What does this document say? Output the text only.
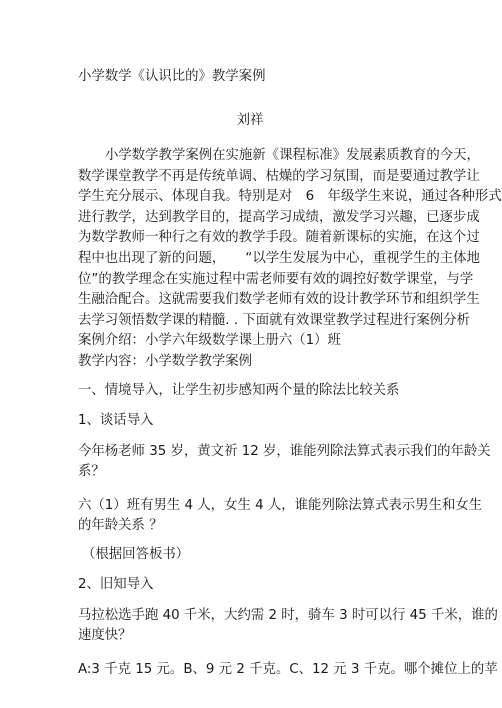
小学数学《认识比的》教学案例
刘祥
小学数学教学案例在实施新《课程标准》发展素质教育的今天，
数学课堂教学不再是传统单调、枯燥的学习氛围，而是要通过教学让
学生充分展示、体现自我。特别是对　6　年级学生来说，通过各种形式
进行教学，达到教学目的，提高学习成绩，激发学习兴趣，已逐步成
为数学教师一种行之有效的教学手段。随着新课标的实施，在这个过
程中也出现了新的问题，　　“以学生发展为中心，重视学生的主体地
位”的教学理念在实施过程中需老师要有效的调控好数学课堂，与学
生融洽配合。这就需要我们数学老师有效的设计教学环节和组织学生
去学习领悟数学课的精髓. . 下面就有效课堂教学过程进行案例分析
案例介绍：小学六年级数学课上册六（1）班
教学内容：小学数学教学案例
一、情境导入，让学生初步感知两个量的除法比较关系
1、谈话导入
今年杨老师 35 岁，黄文祈 12 岁，谁能列除法算式表示我们的年龄关
系？
六（1）班有男生 4 人，女生 4 人，谁能列除法算式表示男生和女生
的年龄关系 ？
（根据回答板书）
2、旧知导入
马拉松选手跑 40 千米，大约需 2 时，骑车 3 时可以行 45 千米，谁的
速度快？
A:3 千克 15 元。B、9 元 2 千克。C、12 元 3 千克。哪个摊位上的苹
